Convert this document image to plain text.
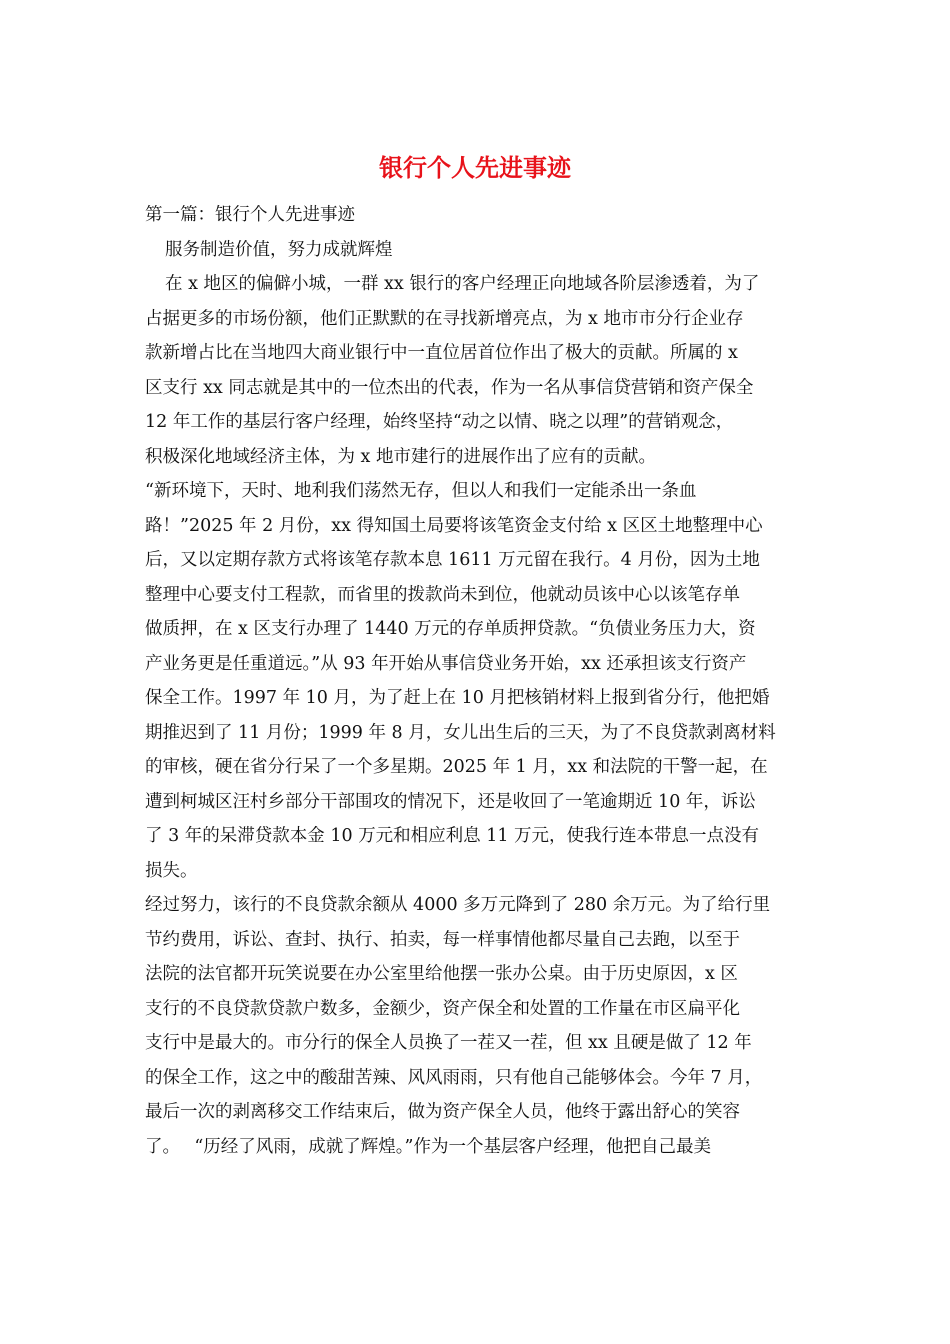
银行个人先进事迹
第一篇：银行个人先进事迹
服务制造价值，努力成就辉煌
在 x 地区的偏僻小城，一群 xx 银行的客户经理正向地域各阶层渗透着，为了
占据更多的市场份额，他们正默默的在寻找新增亮点，为 x 地市市分行企业存
款新增占比在当地四大商业银行中一直位居首位作出了极大的贡献。所属的 x
区支行 xx 同志就是其中的一位杰出的代表，作为一名从事信贷营销和资产保全
12 年工作的基层行客户经理，始终坚持“动之以情、晓之以理”的营销观念，
积极深化地域经济主体，为 x 地市建行的进展作出了应有的贡献。
“新环境下，天时、地利我们荡然无存，但以人和我们一定能杀出一条血
路！”2025 年 2 月份，xx 得知国土局要将该笔资金支付给 x 区区土地整理中心
后，又以定期存款方式将该笔存款本息 1611 万元留在我行。4 月份，因为土地
整理中心要支付工程款，而省里的拨款尚未到位，他就动员该中心以该笔存单
做质押，在 x 区支行办理了 1440 万元的存单质押贷款。“负债业务压力大，资
产业务更是任重道远。”从 93 年开始从事信贷业务开始，xx 还承担该支行资产
保全工作。1997 年 10 月，为了赶上在 10 月把核销材料上报到省分行，他把婚
期推迟到了 11 月份；1999 年 8 月，女儿出生后的三天，为了不良贷款剥离材料
的审核，硬在省分行呆了一个多星期。2025 年 1 月，xx 和法院的干警一起，在
遭到柯城区汪村乡部分干部围攻的情况下，还是收回了一笔逾期近 10 年，诉讼
了 3 年的呆滞贷款本金 10 万元和相应利息 11 万元，使我行连本带息一点没有
损失。
经过努力，该行的不良贷款余额从 4000 多万元降到了 280 余万元。为了给行里
节约费用，诉讼、查封、执行、拍卖，每一样事情他都尽量自己去跑，以至于
法院的法官都开玩笑说要在办公室里给他摆一张办公桌。由于历史原因，x 区
支行的不良贷款贷款户数多，金额少，资产保全和处置的工作量在市区扁平化
支行中是最大的。市分行的保全人员换了一茬又一茬，但 xx 且硬是做了 12 年
的保全工作，这之中的酸甜苦辣、风风雨雨，只有他自己能够体会。今年 7 月，
最后一次的剥离移交工作结束后，做为资产保全人员，他终于露出舒心的笑容
了。　 “历经了风雨，成就了辉煌。”作为一个基层客户经理，他把自己最美
